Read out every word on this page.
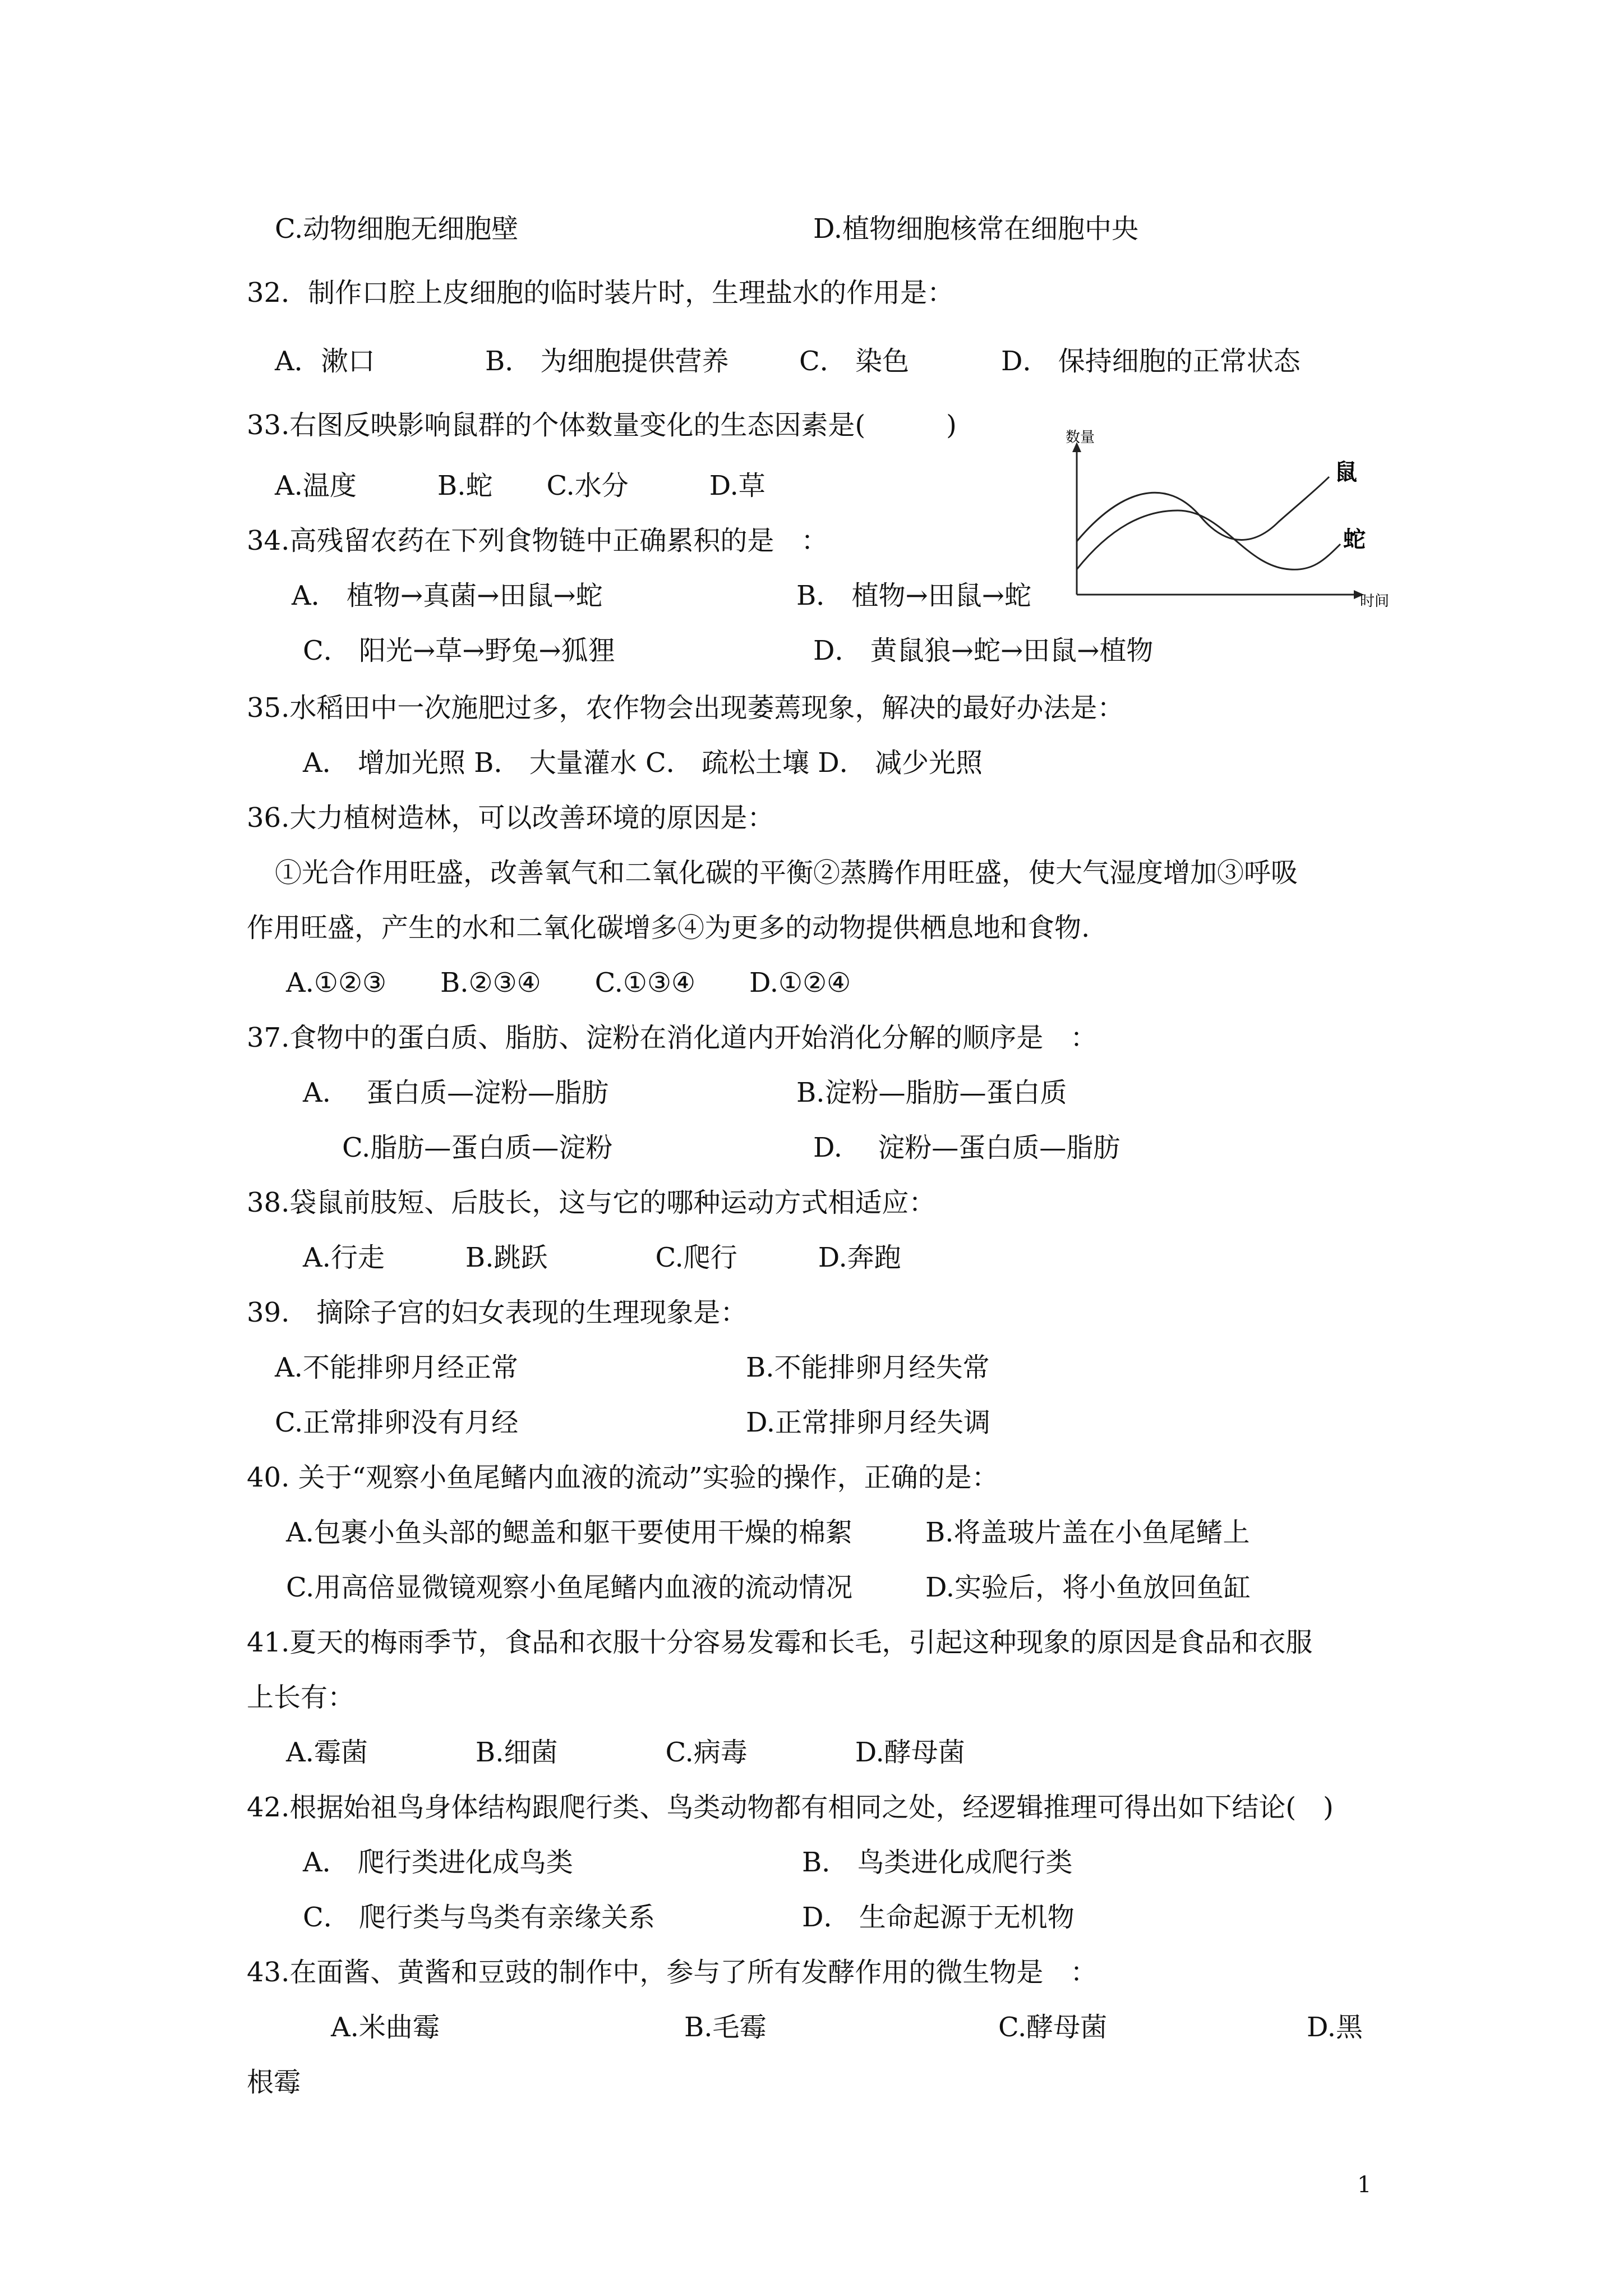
C.动物细胞无细胞壁	D.植物细胞核常在细胞中央
32．制作口腔上皮细胞的临时装片时，生理盐水的作用是：
A．漱口	B． 为细胞提供营养	C． 染色	D． 保持细胞的正常状态
33.右图反映影响鼠群的个体数量变化的生态因素是(　　　)
A.温度　　　B.蛇　　C.水分　　　D.草
数量
时间
鼠
蛇
34.高残留农药在下列食物链中正确累积的是　：
A． 植物→真菌→田鼠→蛇	B． 植物→田鼠→蛇
C． 阳光→草→野兔→狐狸	D． 黄鼠狼→蛇→田鼠→植物
35.水稻田中一次施肥过多，农作物会出现萎蔫现象，解决的最好办法是：
A． 增加光照 B． 大量灌水 C． 疏松土壤 D． 减少光照
36.大力植树造林，可以改善环境的原因是：
①光合作用旺盛，改善氧气和二氧化碳的平衡②蒸腾作用旺盛，使大气湿度增加③呼吸
作用旺盛，产生的水和二氧化碳增多④为更多的动物提供栖息地和食物.
A.①②③　　B.②③④　　C.①③④　　D.①②④
37.食物中的蛋白质、脂肪、淀粉在消化道内开始消化分解的顺序是　：
A.　 蛋白质—淀粉—脂肪	B.淀粉—脂肪—蛋白质
C.脂肪—蛋白质—淀粉	D.　 淀粉—蛋白质—脂肪
38.袋鼠前肢短、后肢长，这与它的哪种运动方式相适应：
A.行走　　　B.跳跃　　　　C.爬行　　　D.奔跑
39.　摘除子宫的妇女表现的生理现象是：
A.不能排卵月经正常	B.不能排卵月经失常
C.正常排卵没有月经	D.正常排卵月经失调
40. 关于“观察小鱼尾鳍内血液的流动”实验的操作，正确的是：
A.包裹小鱼头部的鳃盖和躯干要使用干燥的棉絮	B.将盖玻片盖在小鱼尾鳍上
C.用高倍显微镜观察小鱼尾鳍内血液的流动情况	D.实验后，将小鱼放回鱼缸
41.夏天的梅雨季节，食品和衣服十分容易发霉和长毛，引起这种现象的原因是食品和衣服
上长有：
A.霉菌　　　　B.细菌　　　　C.病毒　　　　D.酵母菌
42.根据始祖鸟身体结构跟爬行类、鸟类动物都有相同之处，经逻辑推理可得出如下结论(　)
A． 爬行类进化成鸟类	B． 鸟类进化成爬行类
C． 爬行类与鸟类有亲缘关系	D． 生命起源于无机物
43.在面酱、黄酱和豆豉的制作中，参与了所有发酵作用的微生物是　：
A.米曲霉	B.毛霉	C.酵母菌	D.黑
根霉
1
